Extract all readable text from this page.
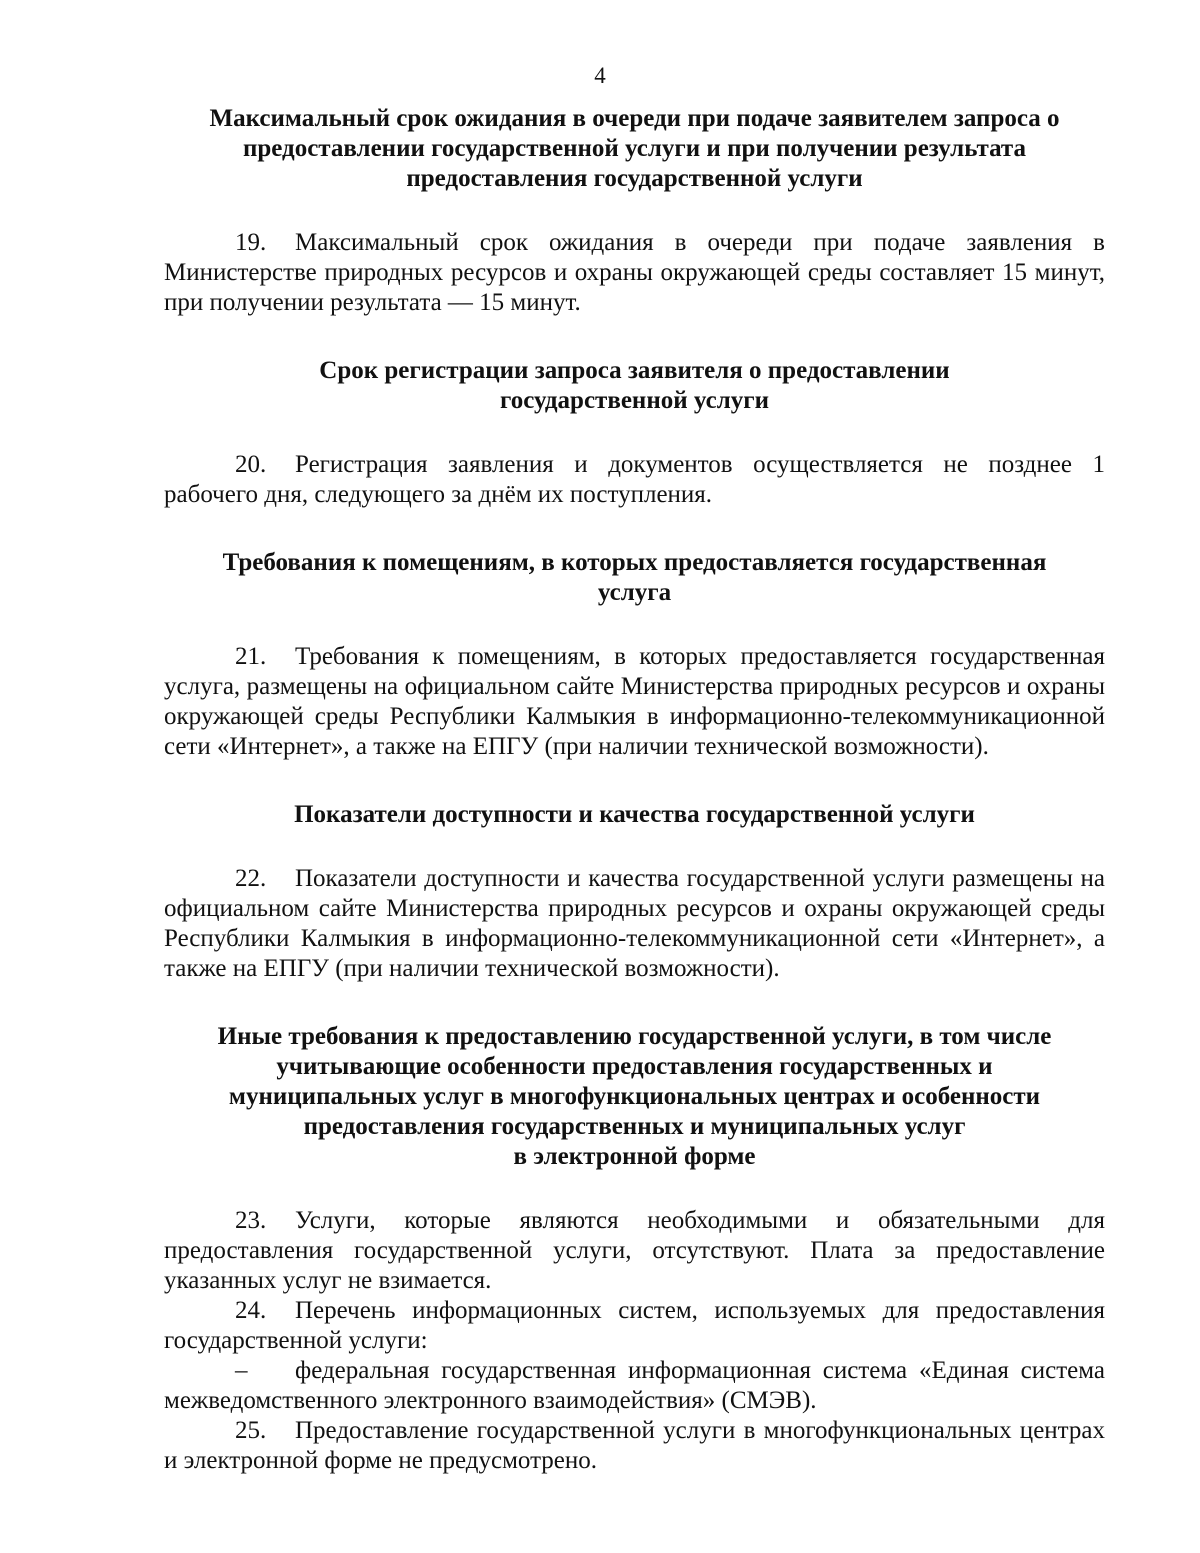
4
Максимальный срок ожидания в очереди при подаче заявителем запроса о
предоставлении государственной услуги и при получении результата
предоставления государственной услуги

19. Максимальный срок ожидания в очереди при подаче заявления в Министерстве природных ресурсов и охраны окружающей среды составляет 15 минут, при получении результата — 15 минут.

Срок регистрации запроса заявителя о предоставлении
государственной услуги

20. Регистрация заявления и документов осуществляется не позднее 1 рабочего дня, следующего за днём их поступления.

Требования к помещениям, в которых предоставляется государственная
услуга

21. Требования к помещениям, в которых предоставляется государственная услуга, размещены на официальном сайте Министерства природных ресурсов и охраны окружающей среды Республики Калмыкия в информационно-телекоммуникационной сети «Интернет», а также на ЕПГУ (при наличии технической возможности).

Показатели доступности и качества государственной услуги

22. Показатели доступности и качества государственной услуги размещены на официальном сайте Министерства природных ресурсов и охраны окружающей среды Республики Калмыкия в информационно-телекоммуникационной сети «Интернет», а также на ЕПГУ (при наличии технической возможности).

Иные требования к предоставлению государственной услуги, в том числе
учитывающие особенности предоставления государственных и
муниципальных услуг в многофункциональных центрах и особенности
предоставления государственных и муниципальных услуг
в электронной форме

23. Услуги, которые являются необходимыми и обязательными для предоставления государственной услуги, отсутствуют. Плата за предоставление указанных услуг не взимается.

24. Перечень информационных систем, используемых для предоставления государственной услуги:

– федеральная государственная информационная система «Единая система межведомственного электронного взаимодействия» (СМЭВ).

25. Предоставление государственной услуги в многофункциональных центрах и электронной форме не предусмотрено.
